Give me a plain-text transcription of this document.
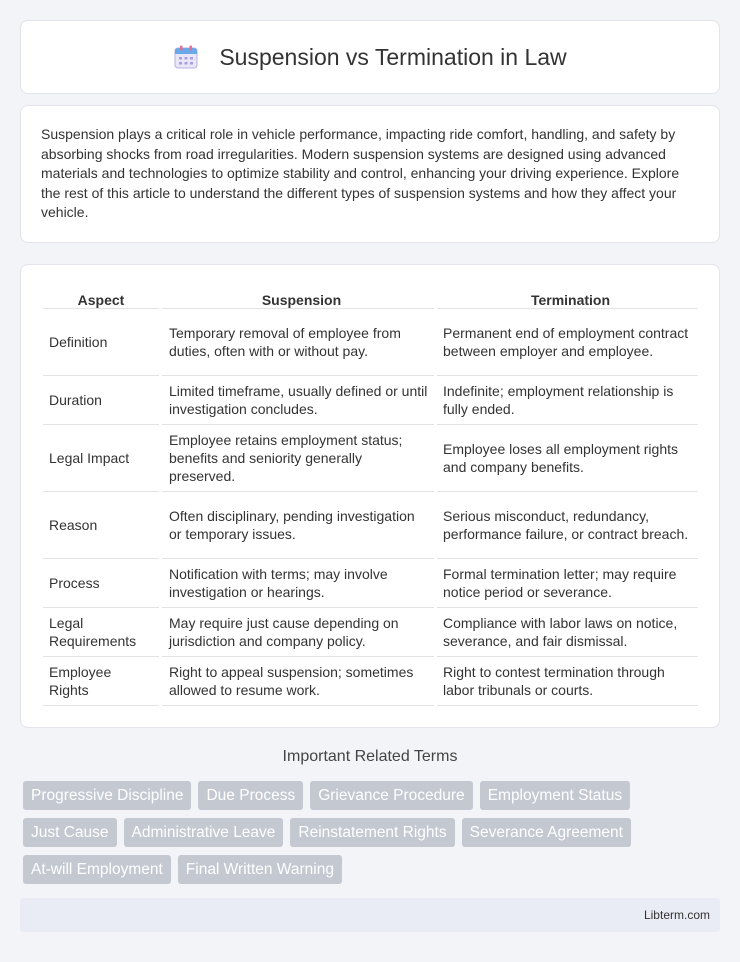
Suspension vs Termination in Law

Suspension plays a critical role in vehicle performance, impacting ride comfort, handling, and safety by absorbing shocks from road irregularities. Modern suspension systems are designed using advanced materials and technologies to optimize stability and control, enhancing your driving experience. Explore the rest of this article to understand the different types of suspension systems and how they affect your vehicle.

Aspect		Suspension		Termination
Definition		Temporary removal of employee from duties, often with or without pay.		Permanent end of employment contract between employer and employee.
Duration		Limited timeframe, usually defined or until investigation concludes.		Indefinite; employment relationship is fully ended.
Legal Impact		Employee retains employment status; benefits and seniority generally preserved.		Employee loses all employment rights and company benefits.
Reason		Often disciplinary, pending investigation or temporary issues.		Serious misconduct, redundancy, performance failure, or contract breach.
Process		Notification with terms; may involve investigation or hearings.		Formal termination letter; may require notice period or severance.
Legal Requirements		May require just cause depending on jurisdiction and company policy.		Compliance with labor laws on notice, severance, and fair dismissal.
Employee Rights		Right to appeal suspension; sometimes allowed to resume work.		Right to contest termination through labor tribunals or courts.
Important Related Terms
Progressive Discipline	Due Process	Grievance Procedure	Employment Status
Just Cause	Administrative Leave	Reinstatement Rights	Severance Agreement
At-will Employment	Final Written Warning
Libterm.com
